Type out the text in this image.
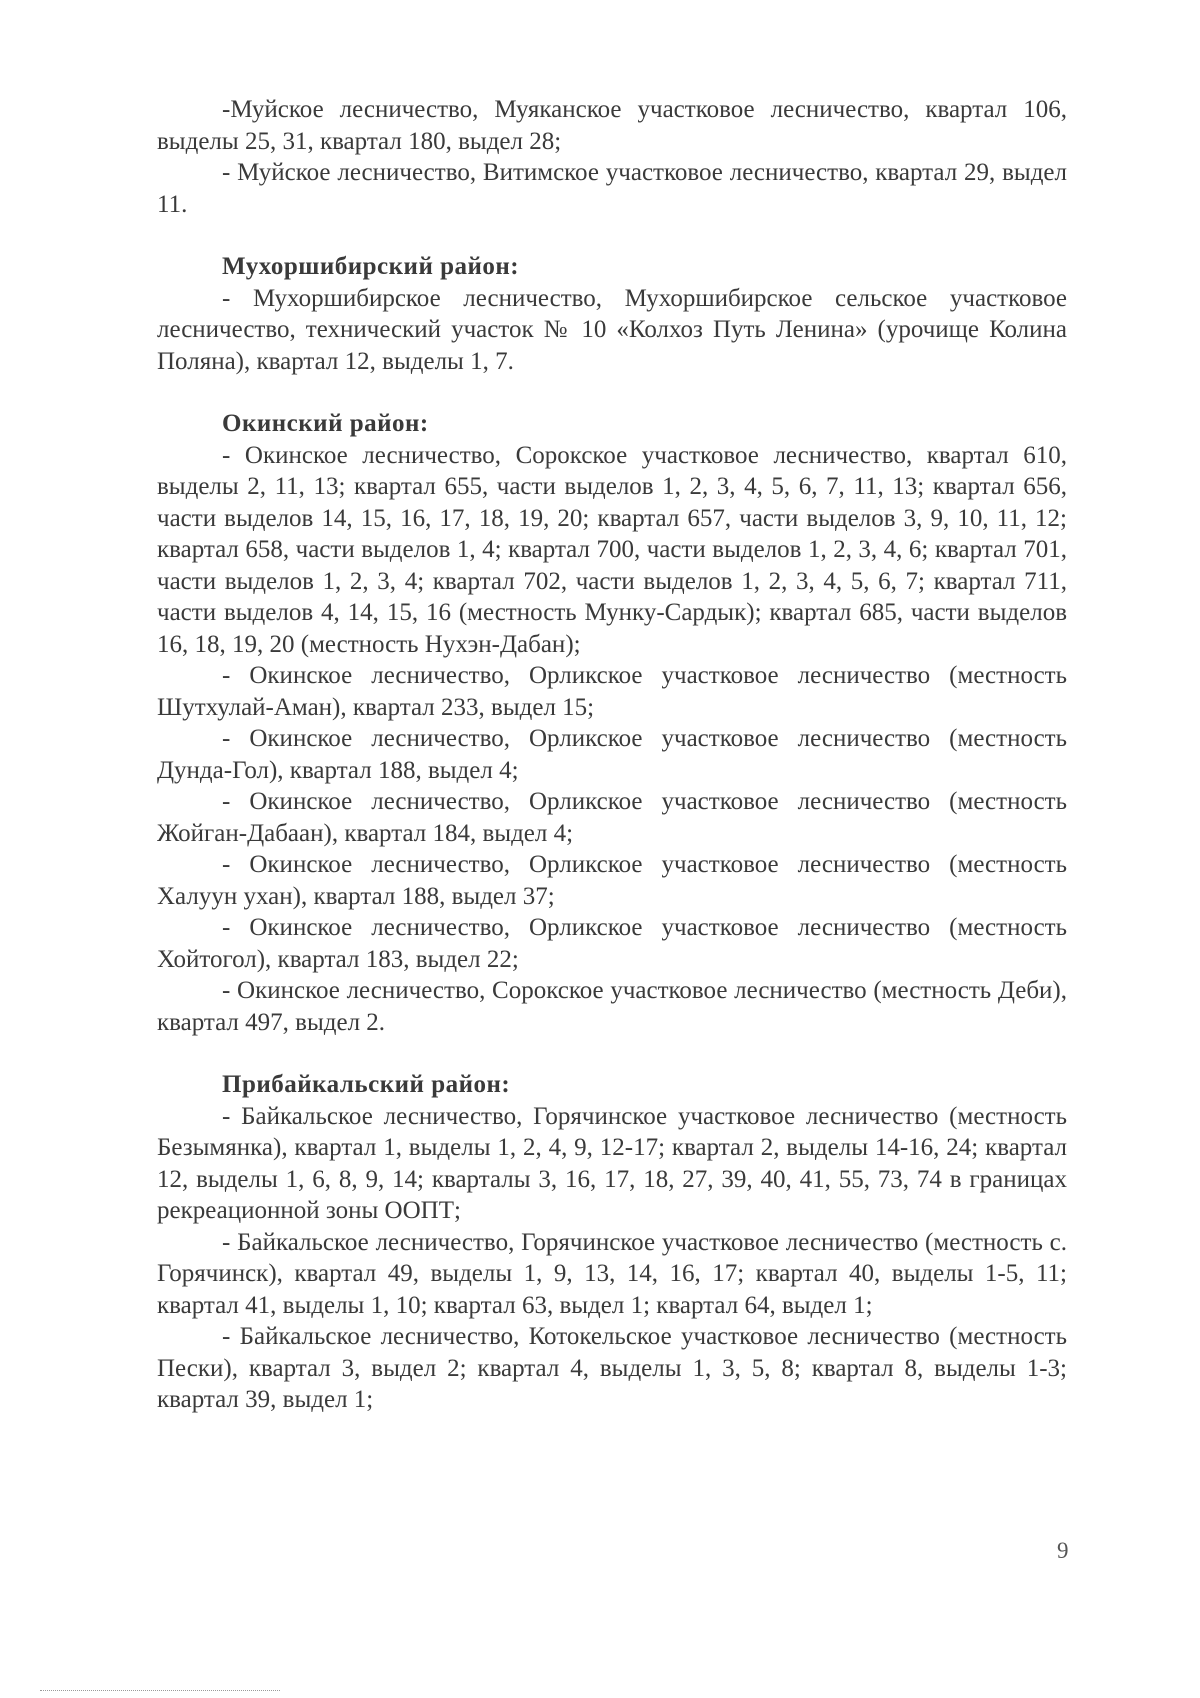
-Муйское лесничество, Муяканское участковое лесничество, квартал 106, выделы 25, 31, квартал 180, выдел 28;

- Муйское лесничество, Витимское участковое лесничество, квартал 29, выдел 11.

Мухоршибирский район:

- Мухоршибирское лесничество, Мухоршибирское сельское участковое лесничество, технический участок № 10 «Колхоз Путь Ленина» (урочище Колина Поляна), квартал 12, выделы 1, 7.

Окинский район:

- Окинское лесничество, Сорокское участковое лесничество, квартал 610, выделы 2, 11, 13; квартал 655, части выделов 1, 2, 3, 4, 5, 6, 7, 11, 13; квартал 656, части выделов 14, 15, 16, 17, 18, 19, 20; квартал 657, части выделов 3, 9, 10, 11, 12; квартал 658, части выделов 1, 4; квартал 700, части выделов 1, 2, 3, 4, 6; квартал 701, части выделов 1, 2, 3, 4; квартал 702, части выделов 1, 2, 3, 4, 5, 6, 7; квартал 711, части выделов 4, 14, 15, 16 (местность Мунку-Сардык); квартал 685, части выделов 16, 18, 19, 20 (местность Нухэн-Дабан);

- Окинское лесничество, Орликское участковое лесничество (местность Шутхулай-Аман), квартал 233, выдел 15;

- Окинское лесничество, Орликское участковое лесничество (местность Дунда-Гол), квартал 188, выдел 4;

- Окинское лесничество, Орликское участковое лесничество (местность Жойган-Дабаан), квартал 184, выдел 4;

- Окинское лесничество, Орликское участковое лесничество (местность Халуун ухан), квартал 188, выдел 37;

- Окинское лесничество, Орликское участковое лесничество (местность Хойтогол), квартал 183, выдел 22;

- Окинское лесничество, Сорокское участковое лесничество (местность Деби), квартал 497, выдел 2.

Прибайкальский район:

- Байкальское лесничество, Горячинское участковое лесничество (местность Безымянка), квартал 1, выделы 1, 2, 4, 9, 12-17; квартал 2, выделы 14-16, 24; квартал 12, выделы 1, 6, 8, 9, 14; кварталы 3, 16, 17, 18, 27, 39, 40, 41, 55, 73, 74 в границах рекреационной зоны ООПТ;

- Байкальское лесничество, Горячинское участковое лесничество (местность с. Горячинск), квартал 49, выделы 1, 9, 13, 14, 16, 17; квартал 40, выделы 1-5, 11; квартал 41, выделы 1, 10; квартал 63, выдел 1; квартал 64, выдел 1;

- Байкальское лесничество, Котокельское участковое лесничество (местность Пески), квартал 3, выдел 2; квартал 4, выделы 1, 3, 5, 8; квартал 8, выделы 1-3; квартал 39, выдел 1;

9
